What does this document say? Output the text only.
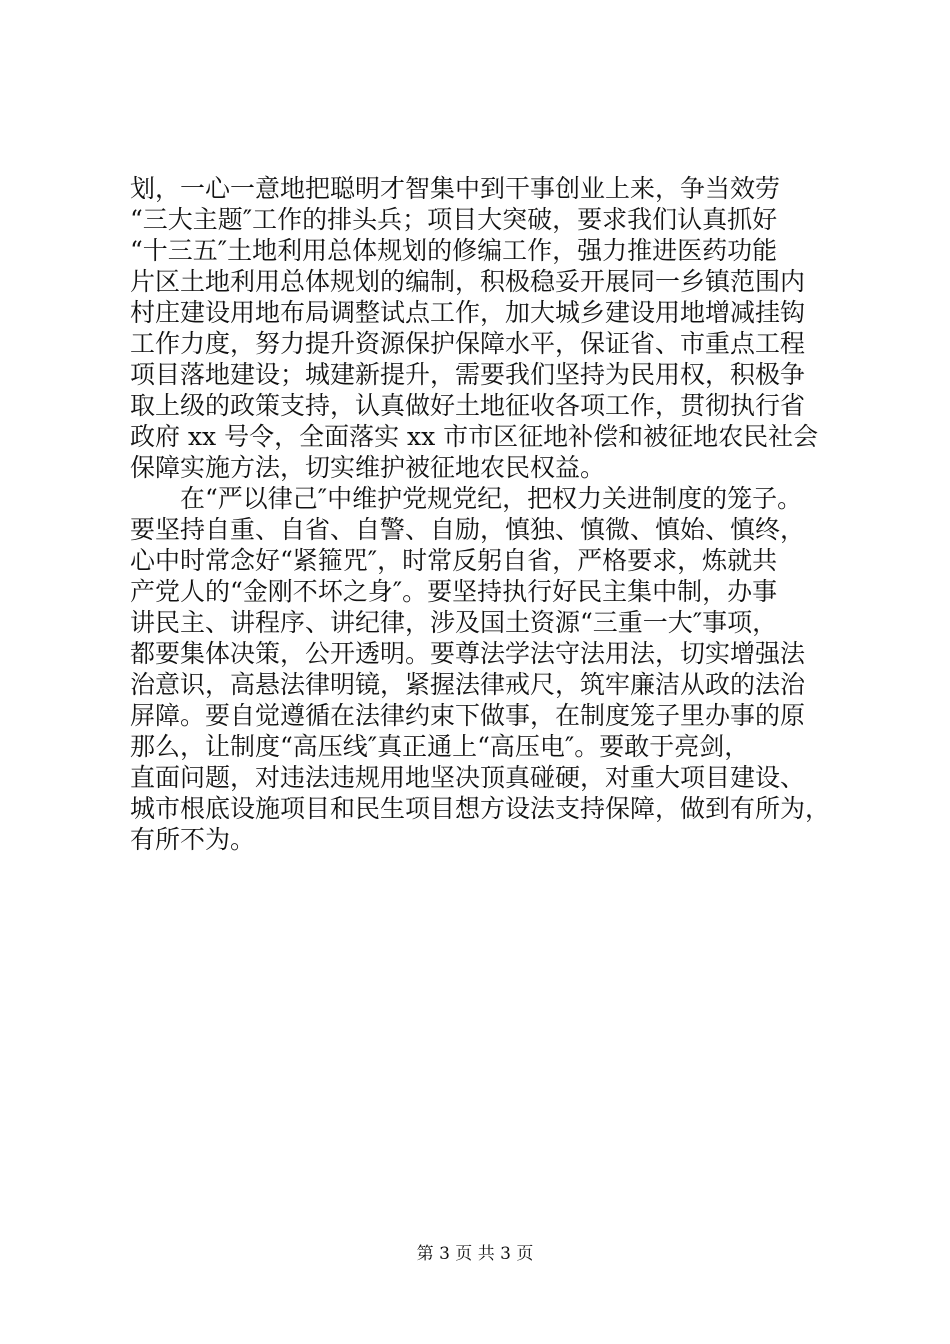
划，一心一意地把聪明才智集中到干事创业上来，争当效劳
“三大主题″工作的排头兵；项目大突破，要求我们认真抓好
“十三五″土地利用总体规划的修编工作，强力推进医药功能
片区土地利用总体规划的编制，积极稳妥开展同一乡镇范围内
村庄建设用地布局调整试点工作，加大城乡建设用地增减挂钩
工作力度，努力提升资源保护保障水平，保证省、市重点工程
项目落地建设；城建新提升，需要我们坚持为民用权，积极争
取上级的政策支持，认真做好土地征收各项工作，贯彻执行省
政府 xx 号令，全面落实 xx 市市区征地补偿和被征地农民社会
保障实施方法，切实维护被征地农民权益。
　　在“严以律己″中维护党规党纪，把权力关进制度的笼子。
要坚持自重、自省、自警、自励，慎独、慎微、慎始、慎终，
心中时常念好“紧箍咒″，时常反躬自省，严格要求，炼就共
产党人的“金刚不坏之身″。要坚持执行好民主集中制，办事
讲民主、讲程序、讲纪律，涉及国土资源“三重一大″事项，
都要集体决策，公开透明。要尊法学法守法用法，切实增强法
治意识，高悬法律明镜，紧握法律戒尺，筑牢廉洁从政的法治
屏障。要自觉遵循在法律约束下做事，在制度笼子里办事的原
那么，让制度“高压线″真正通上“高压电″。要敢于亮剑，
直面问题，对违法违规用地坚决顶真碰硬，对重大项目建设、
城市根底设施项目和民生项目想方设法支持保障，做到有所为，
有所不为。
第 3 页 共 3 页
